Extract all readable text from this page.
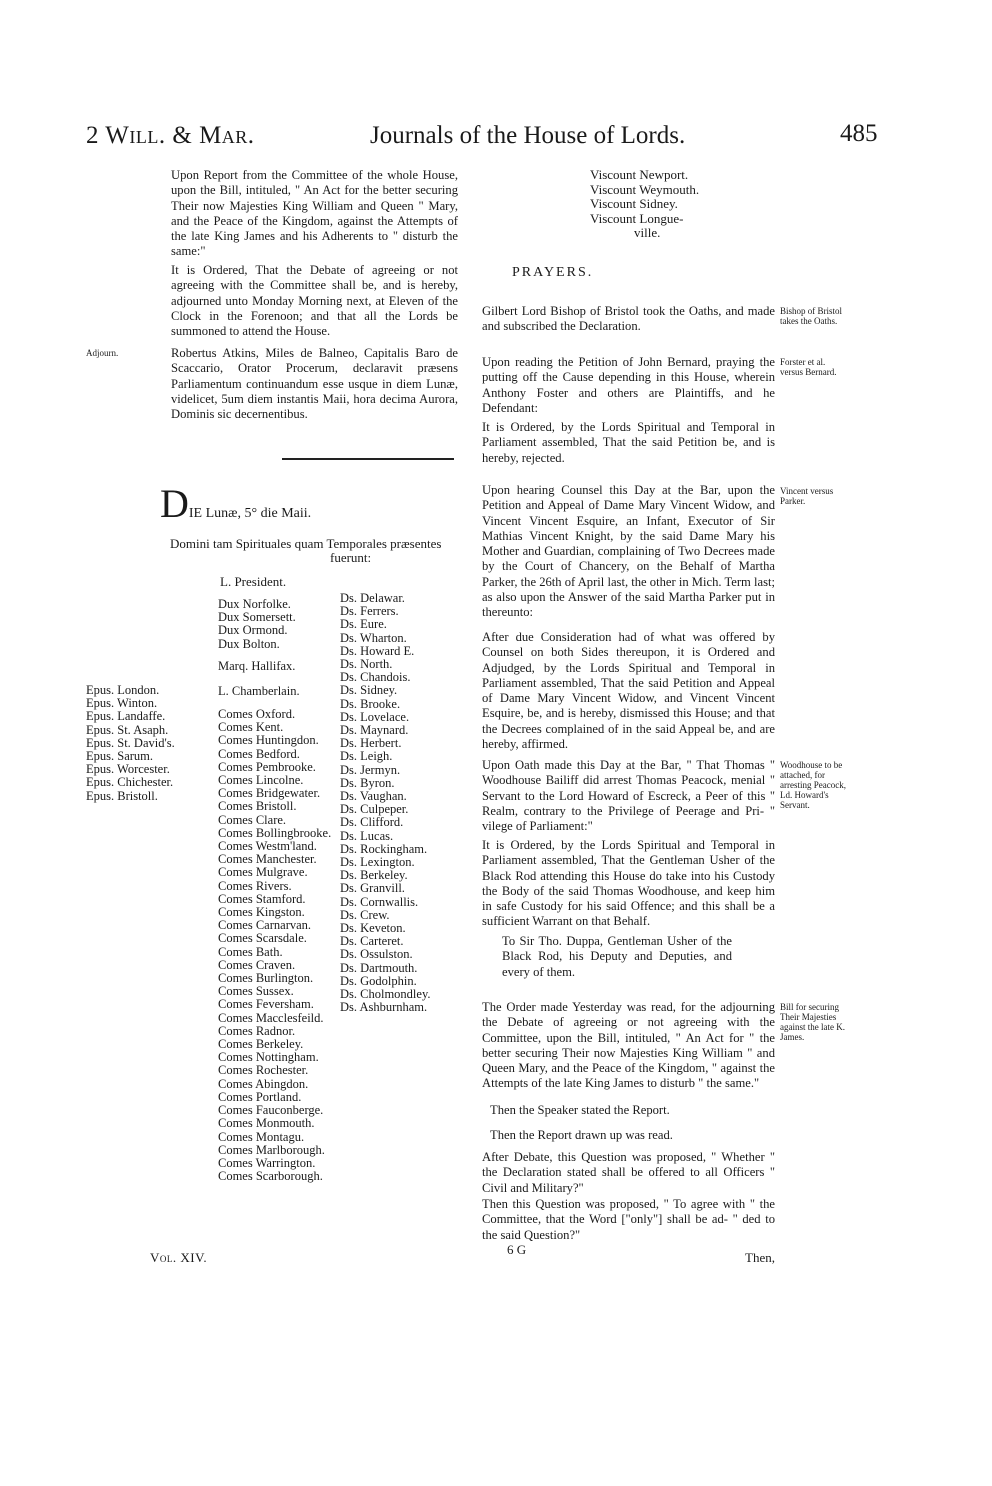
2 Will. & Mar.	Journals of the House of Lords.	485

Upon Report from the Committee of the whole House, upon the Bill, intituled, " An Act for the better securing Their now Majesties King William and Queen " Mary, and the Peace of the Kingdom, against the Attempts of the late King James and his Adherents to " disturb the same:"

It is Ordered, That the Debate of agreeing or not agreeing with the Committee shall be, and is hereby, adjourned unto Monday Morning next, at Eleven of the Clock in the Forenoon; and that all the Lords be summoned to attend the House.

Adjourn.	Robertus Atkins, Miles de Balneo, Capitalis Baro de Scaccario, Orator Procerum, declaravit præsens Parliamentum continuandum esse usque in diem Lunæ, videlicet, 5um diem instantis Maii, hora decima Aurora, Dominis sic decernentibus.

DIE Lunæ, 5° die Maii.
Domini tam Spirituales quam Temporales præsentes
fuerunt:
L. President.
Dux Norfolke.
Dux Somersett.
Dux Ormond.
Dux Bolton.
Marq. Hallifax.
L. Chamberlain.
Epus. London.
Epus. Winton.
Epus. Landaffe.
Epus. St. Asaph.
Epus. St. David's.
Epus. Sarum.
Epus. Worcester.
Epus. Chichester.
Epus. Bristoll.
Comes Oxford.
Comes Kent.
Comes Huntingdon.
Comes Bedford.
Comes Pembrooke.
Comes Lincolne.
Comes Bridgewater.
Comes Bristoll.
Comes Clare.
Comes Bollingbrooke.
Comes Westm'land.
Comes Manchester.
Comes Mulgrave.
Comes Rivers.
Comes Stamford.
Comes Kingston.
Comes Carnarvan.
Comes Scarsdale.
Comes Bath.
Comes Craven.
Comes Burlington.
Comes Sussex.
Comes Feversham.
Comes Macclesfeild.
Comes Radnor.
Comes Berkeley.
Comes Nottingham.
Comes Rochester.
Comes Abingdon.
Comes Portland.
Comes Fauconberge.
Comes Monmouth.
Comes Montagu.
Comes Marlborough.
Comes Warrington.
Comes Scarborough.
Ds. Delawar.
Ds. Ferrers.
Ds. Eure.
Ds. Wharton.
Ds. Howard E.
Ds. North.
Ds. Chandois.
Ds. Sidney.
Ds. Brooke.
Ds. Lovelace.
Ds. Maynard.
Ds. Herbert.
Ds. Leigh.
Ds. Jermyn.
Ds. Byron.
Ds. Vaughan.
Ds. Culpeper.
Ds. Clifford.
Ds. Lucas.
Ds. Rockingham.
Ds. Lexington.
Ds. Berkeley.
Ds. Granvill.
Ds. Cornwallis.
Ds. Crew.
Ds. Keveton.
Ds. Carteret.
Ds. Ossulston.
Ds. Dartmouth.
Ds. Godolphin.
Ds. Cholmondley.
Ds. Ashburnham.
Vol. XIV.
Viscount Newport.
Viscount Weymouth.
Viscount Sidney.
Viscount Longue-
ville.
PRAYERS.

Gilbert Lord Bishop of Bristol took the Oaths, and made and subscribed the Declaration.

Bishop of Bristol takes the Oaths.

Upon reading the Petition of John Bernard, praying the putting off the Cause depending in this House, wherein Anthony Foster and others are Plaintiffs, and he Defendant:

Forster et al. versus Bernard.

It is Ordered, by the Lords Spiritual and Temporal in Parliament assembled, That the said Petition be, and is hereby, rejected.

Upon hearing Counsel this Day at the Bar, upon the Petition and Appeal of Dame Mary Vincent Widow, and Vincent Vincent Esquire, an Infant, Executor of Sir Mathias Vincent Knight, by the said Dame Mary his Mother and Guardian, complaining of Two Decrees made by the Court of Chancery, on the Behalf of Martha Parker, the 26th of April last, the other in Mich. Term last; as also upon the Answer of the said Martha Parker put in thereunto:

Vincent versus Parker.

After due Consideration had of what was offered by Counsel on both Sides thereupon, it is Ordered and Adjudged, by the Lords Spiritual and Temporal in Parliament assembled, That the said Petition and Appeal of Dame Mary Vincent Widow, and Vincent Vincent Esquire, be, and is hereby, dismissed this House; and that the Decrees complained of in the said Appeal be, and are hereby, affirmed.

Upon Oath made this Day at the Bar, " That Thomas " Woodhouse Bailiff did arrest Thomas Peacock, menial " Servant to the Lord Howard of Escreck, a Peer of this " Realm, contrary to the Privilege of Peerage and Pri- " vilege of Parliament:"

Woodhouse to be attached, for arresting Peacock, Ld. Howard's Servant.

It is Ordered, by the Lords Spiritual and Temporal in Parliament assembled, That the Gentleman Usher of the Black Rod attending this House do take into his Custody the Body of the said Thomas Woodhouse, and keep him in safe Custody for his said Offence; and this shall be a sufficient Warrant on that Behalf.

To Sir Tho. Duppa, Gentleman Usher of the Black Rod, his Deputy and Deputies, and every of them.

The Order made Yesterday was read, for the adjourning the Debate of agreeing or not agreeing with the Committee, upon the Bill, intituled, " An Act for " the better securing Their now Majesties King William " and Queen Mary, and the Peace of the Kingdom, " against the Attempts of the late King James to disturb " the same."

Bill for securing Their Majesties against the late K. James.

Then the Speaker stated the Report.

Then the Report drawn up was read.

After Debate, this Question was proposed, " Whether " the Declaration stated shall be offered to all Officers " Civil and Military?"

Then this Question was proposed, " To agree with " the Committee, that the Word ["only"] shall be ad- " ded to the said Question?"

6 G
Then,
